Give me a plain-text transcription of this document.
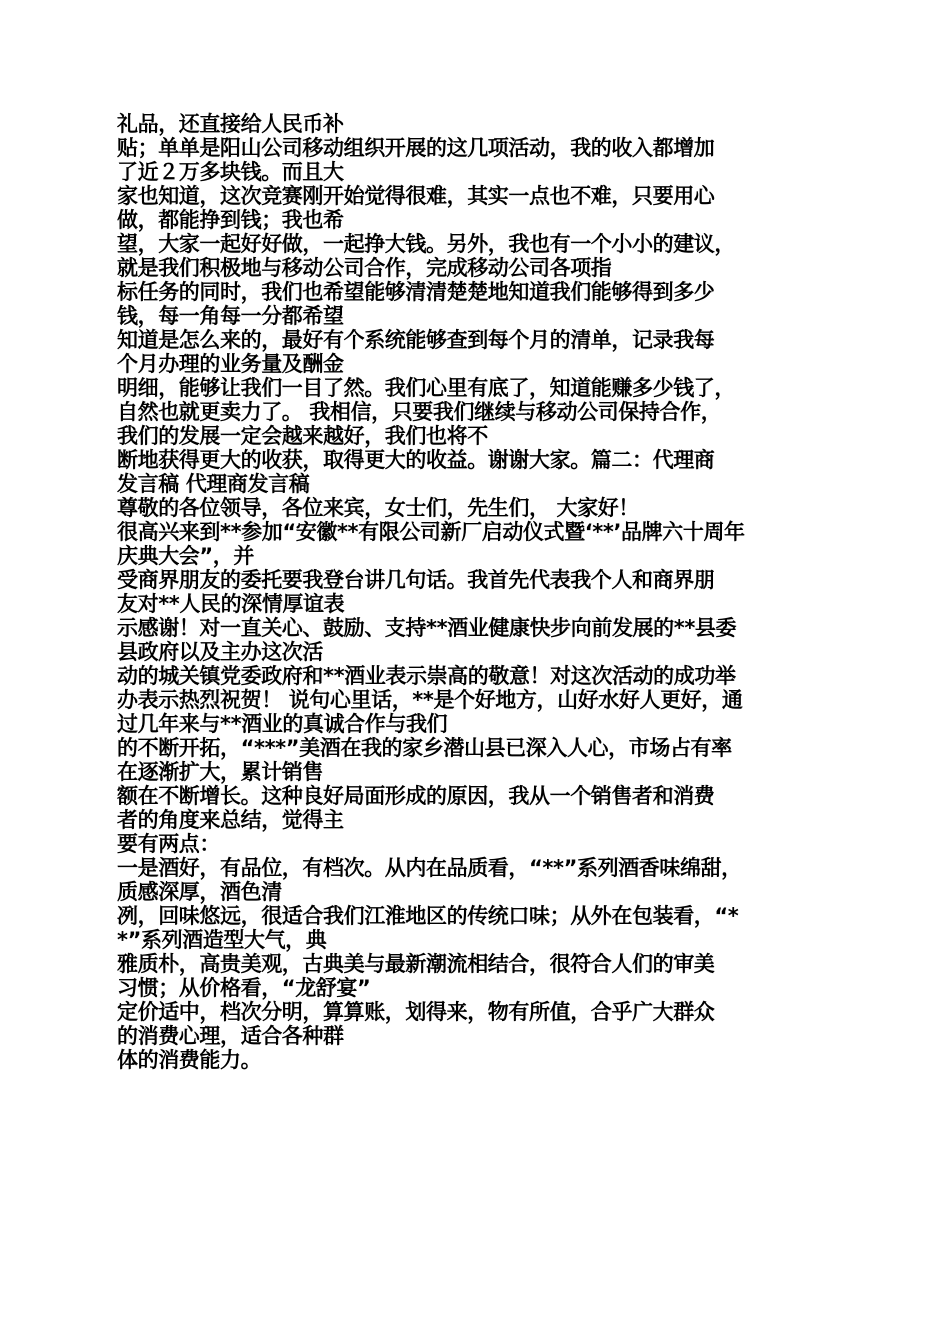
礼品，还直接给人民币补
贴；单单是阳山公司移动组织开展的这几项活动，我的收入都增加
了近２万多块钱。而且大
家也知道，这次竞赛刚开始觉得很难，其实一点也不难，只要用心
做，都能挣到钱；我也希
望，大家一起好好做，一起挣大钱。另外，我也有一个小小的建议，
就是我们积极地与移动公司合作，完成移动公司各项指
标任务的同时，我们也希望能够清清楚楚地知道我们能够得到多少
钱，每一角每一分都希望
知道是怎么来的，最好有个系统能够查到每个月的清单，记录我每
个月办理的业务量及酬金
明细，能够让我们一目了然。我们心里有底了，知道能赚多少钱了，
自然也就更卖力了。 我相信，只要我们继续与移动公司保持合作，
我们的发展一定会越来越好，我们也将不
断地获得更大的收获，取得更大的收益。谢谢大家。篇二：代理商
发言稿 代理商发言稿
尊敬的各位领导，各位来宾，女士们，先生们， 大家好！
很高兴来到**参加“安徽**有限公司新厂启动仪式暨‘**’品牌六十周年
庆典大会”，并
受商界朋友的委托要我登台讲几句话。我首先代表我个人和商界朋
友对**人民的深情厚谊表
示感谢！对一直关心、鼓励、支持**酒业健康快步向前发展的**县委
县政府以及主办这次活
动的城关镇党委政府和**酒业表示崇高的敬意！对这次活动的成功举
办表示热烈祝贺！ 说句心里话，**是个好地方，山好水好人更好，通
过几年来与**酒业的真诚合作与我们
的不断开拓，“***”美酒在我的家乡潜山县已深入人心，市场占有率
在逐渐扩大，累计销售
额在不断增长。这种良好局面形成的原因，我从一个销售者和消费
者的角度来总结，觉得主
要有两点：
一是酒好，有品位，有档次。从内在品质看，“**”系列酒香味绵甜，
质感深厚，酒色清
冽，回味悠远，很适合我们江淮地区的传统口味；从外在包装看，“*
*”系列酒造型大气，典
雅质朴，高贵美观，古典美与最新潮流相结合，很符合人们的审美
习惯；从价格看，“龙舒宴”
定价适中，档次分明，算算账，划得来，物有所值，合乎广大群众
的消费心理，适合各种群
体的消费能力。
